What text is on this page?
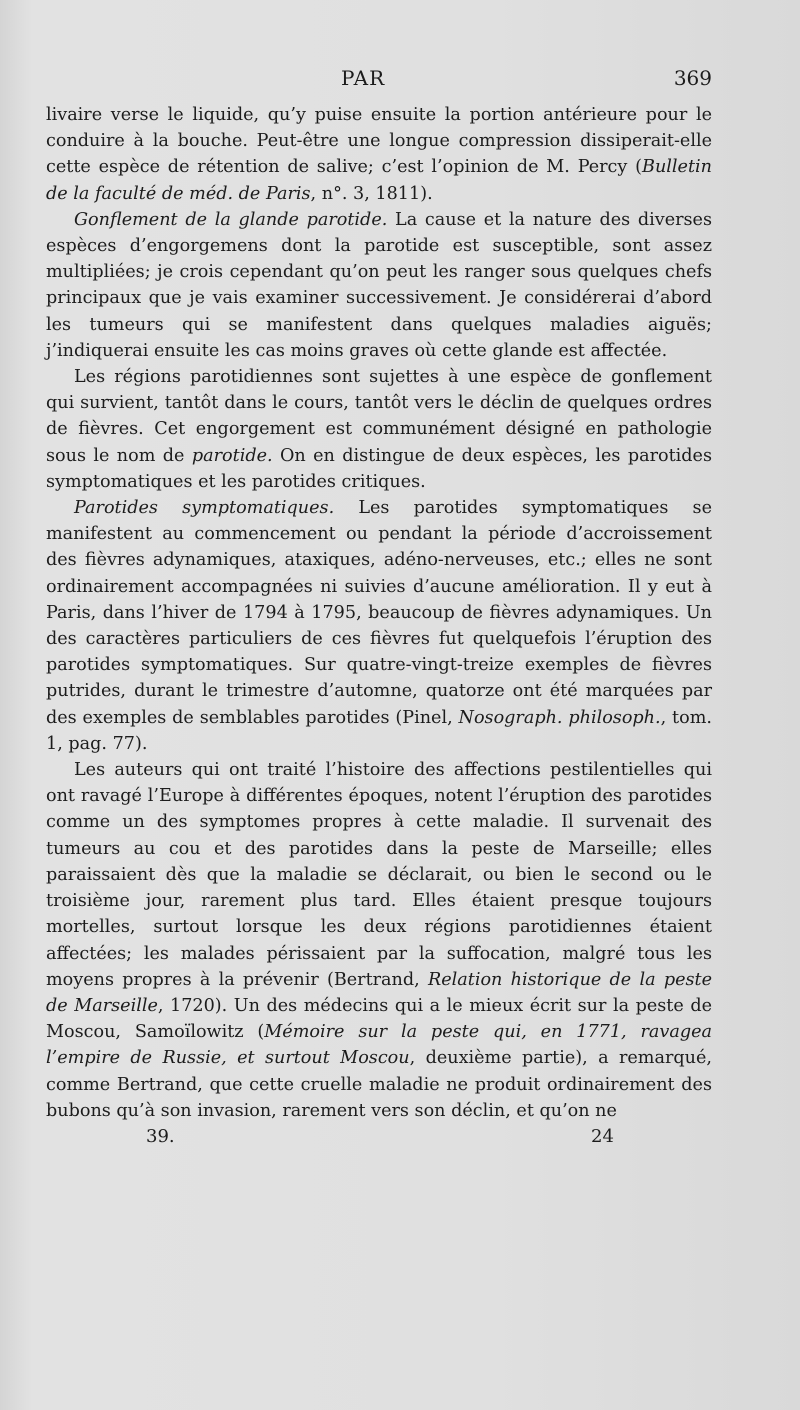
PAR	369

livaire verse le liquide, qu’y puise ensuite la portion antérieure pour le conduire à la bouche. Peut-être une longue compression dissiperait-elle cette espèce de rétention de salive; c’est l’opinion de M. Percy (Bulletin de la faculté de méd. de Paris, n°. 3, 1811).

Gonflement de la glande parotide. La cause et la nature des diverses espèces d’engorgemens dont la parotide est susceptible, sont assez multipliées; je crois cependant qu’on peut les ranger sous quelques chefs principaux que je vais examiner successivement. Je considérerai d’abord les tumeurs qui se manifestent dans quelques maladies aiguës; j’indiquerai ensuite les cas moins graves où cette glande est affectée.

Les régions parotidiennes sont sujettes à une espèce de gonflement qui survient, tantôt dans le cours, tantôt vers le déclin de quelques ordres de fièvres. Cet engorgement est communément désigné en pathologie sous le nom de parotide. On en distingue de deux espèces, les parotides symptomatiques et les parotides critiques.

Parotides symptomatiques. Les parotides symptomatiques se manifestent au commencement ou pendant la période d’accroissement des fièvres adynamiques, ataxiques, adéno-nerveuses, etc.; elles ne sont ordinairement accompagnées ni suivies d’aucune amélioration. Il y eut à Paris, dans l’hiver de 1794 à 1795, beaucoup de fièvres adynamiques. Un des caractères particuliers de ces fièvres fut quelquefois l’éruption des parotides symptomatiques. Sur quatre-vingt-treize exemples de fièvres putrides, durant le trimestre d’automne, quatorze ont été marquées par des exemples de semblables parotides (Pinel, Nosograph. philosoph., tom. 1, pag. 77).

Les auteurs qui ont traité l’histoire des affections pestilentielles qui ont ravagé l’Europe à différentes époques, notent l’éruption des parotides comme un des symptomes propres à cette maladie. Il survenait des tumeurs au cou et des parotides dans la peste de Marseille; elles paraissaient dès que la maladie se déclarait, ou bien le second ou le troisième jour, rarement plus tard. Elles étaient presque toujours mortelles, surtout lorsque les deux régions parotidiennes étaient affectées; les malades périssaient par la suffocation, malgré tous les moyens propres à la prévenir (Bertrand, Relation historique de la peste de Marseille, 1720). Un des médecins qui a le mieux écrit sur la peste de Moscou, Samoïlowitz (Mémoire sur la peste qui, en 1771, ravagea l’empire de Russie, et surtout Moscou, deuxième partie), a remarqué, comme Bertrand, que cette cruelle maladie ne produit ordinairement des bubons qu’à son invasion, rarement vers son déclin, et qu’on ne

39.	24
